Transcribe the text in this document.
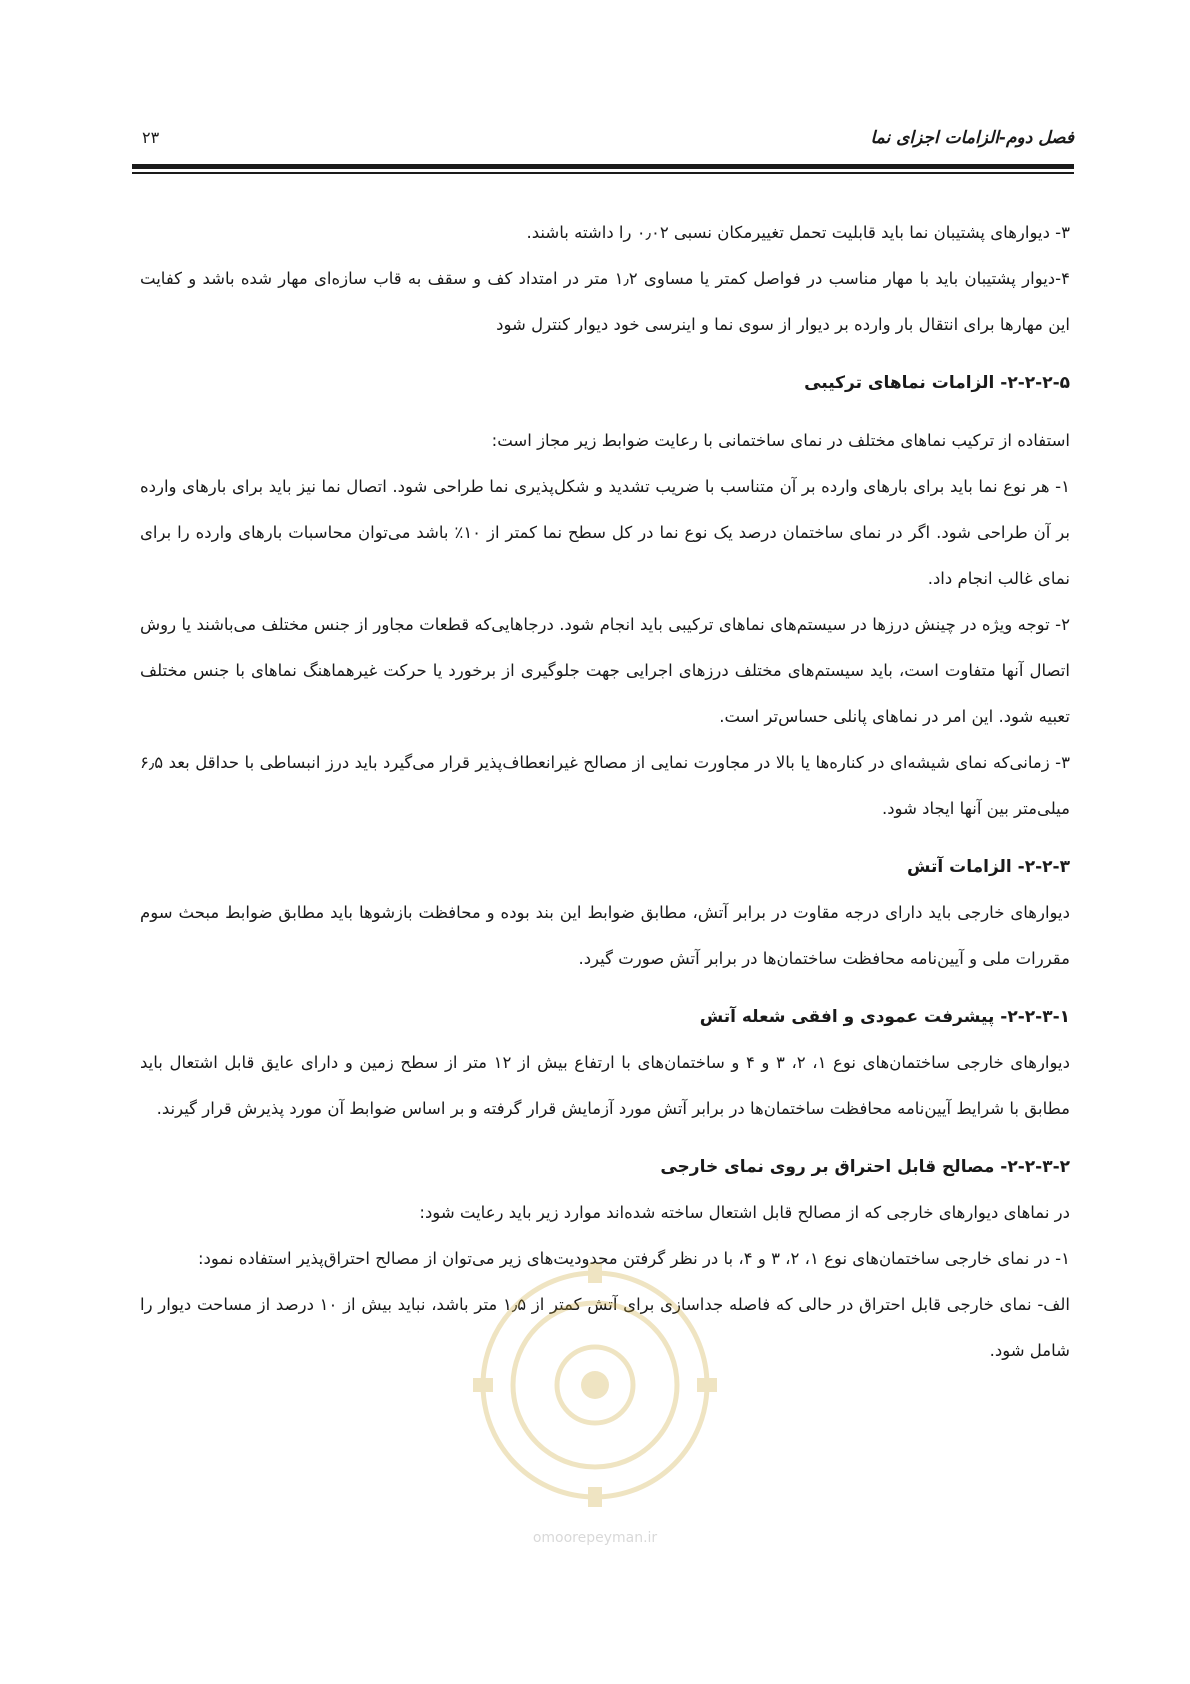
فصل دوم-الزامات اجزای نما
۲۳

۳- دیوارهای پشتیبان نما باید قابلیت تحمل تغییرمکان نسبی ۰٫۰۲ را داشته باشند.

۴-دیوار پشتیبان باید با مهار مناسب در فواصل کمتر یا مساوی ۱٫۲ متر در امتداد کف و سقف به قاب سازه‌ای مهار شده باشد و کفایت این مهارها برای انتقال بار وارده بر دیوار از سوی نما و اینرسی خود دیوار کنترل شود

۲-۲-۲-۵- الزامات نماهای ترکیبی

استفاده از ترکیب نماهای مختلف در نمای ساختمانی با رعایت ضوابط زیر مجاز است:

۱- هر نوع نما باید برای بارهای وارده بر آن متناسب با ضریب تشدید و شکل‌پذیری نما طراحی شود. اتصال نما نیز باید برای بارهای وارده بر آن طراحی شود. اگر در نمای ساختمان درصد یک نوع نما در کل سطح نما کمتر از ۱۰٪ باشد می‌توان محاسبات بارهای وارده را برای نمای غالب انجام داد.

۲- توجه ویژه در چینش درزها در سیستم‌های نماهای ترکیبی باید انجام شود. درجاهایی‌که قطعات مجاور از جنس مختلف می‌باشند یا روش اتصال آنها متفاوت است، باید سیستم‌های مختلف درزهای اجرایی جهت جلوگیری از برخورد یا حرکت غیرهماهنگ نماهای با جنس مختلف تعبیه شود. این امر در نماهای پانلی حساس‌تر است.

۳- زمانی‌که نمای شیشه‌ای در کناره‌ها یا بالا در مجاورت نمایی از مصالح غیرانعطاف‌پذیر قرار می‌گیرد باید درز انبساطی با حداقل بعد ۶٫۵ میلی‌متر بین آنها ایجاد شود.

۲-۲-۳- الزامات آتش

دیوارهای خارجی باید دارای درجه مقاوت در برابر آتش، مطابق ضوابط این بند بوده و محافظت بازشوها باید مطابق ضوابط مبحث سوم مقررات ملی و آیین‌نامه محافظت ساختمان‌ها در برابر آتش صورت گیرد.

۲-۲-۳-۱- پیشرفت عمودی و افقی شعله آتش

دیوارهای خارجی ساختمان‌های نوع ۱، ۲، ۳ و ۴ و ساختمان‌های با ارتفاع بیش از ۱۲ متر از سطح زمین و دارای عایق قابل اشتعال باید مطابق با شرایط آیین‌نامه محافظت ساختمان‌ها در برابر آتش مورد آزمایش قرار گرفته و بر اساس ضوابط آن مورد پذیرش قرار گیرند.

۲-۲-۳-۲- مصالح قابل احتراق بر روی نمای خارجی

در نماهای دیوارهای خارجی که از مصالح قابل اشتعال ساخته شده‌اند موارد زیر باید رعایت شود:

۱- در نمای خارجی ساختمان‌های نوع ۱، ۲، ۳ و ۴، با در نظر گرفتن محدودیت‌های زیر می‌توان از مصالح احتراق‌پذیر استفاده نمود:

الف- نمای خارجی قابل احتراق در حالی که فاصله جداسازی برای آتش کمتر از ۱٫۵ متر باشد، نباید بیش از ۱۰ درصد از مساحت دیوار را شامل شود.

omoorepeyman.ir
